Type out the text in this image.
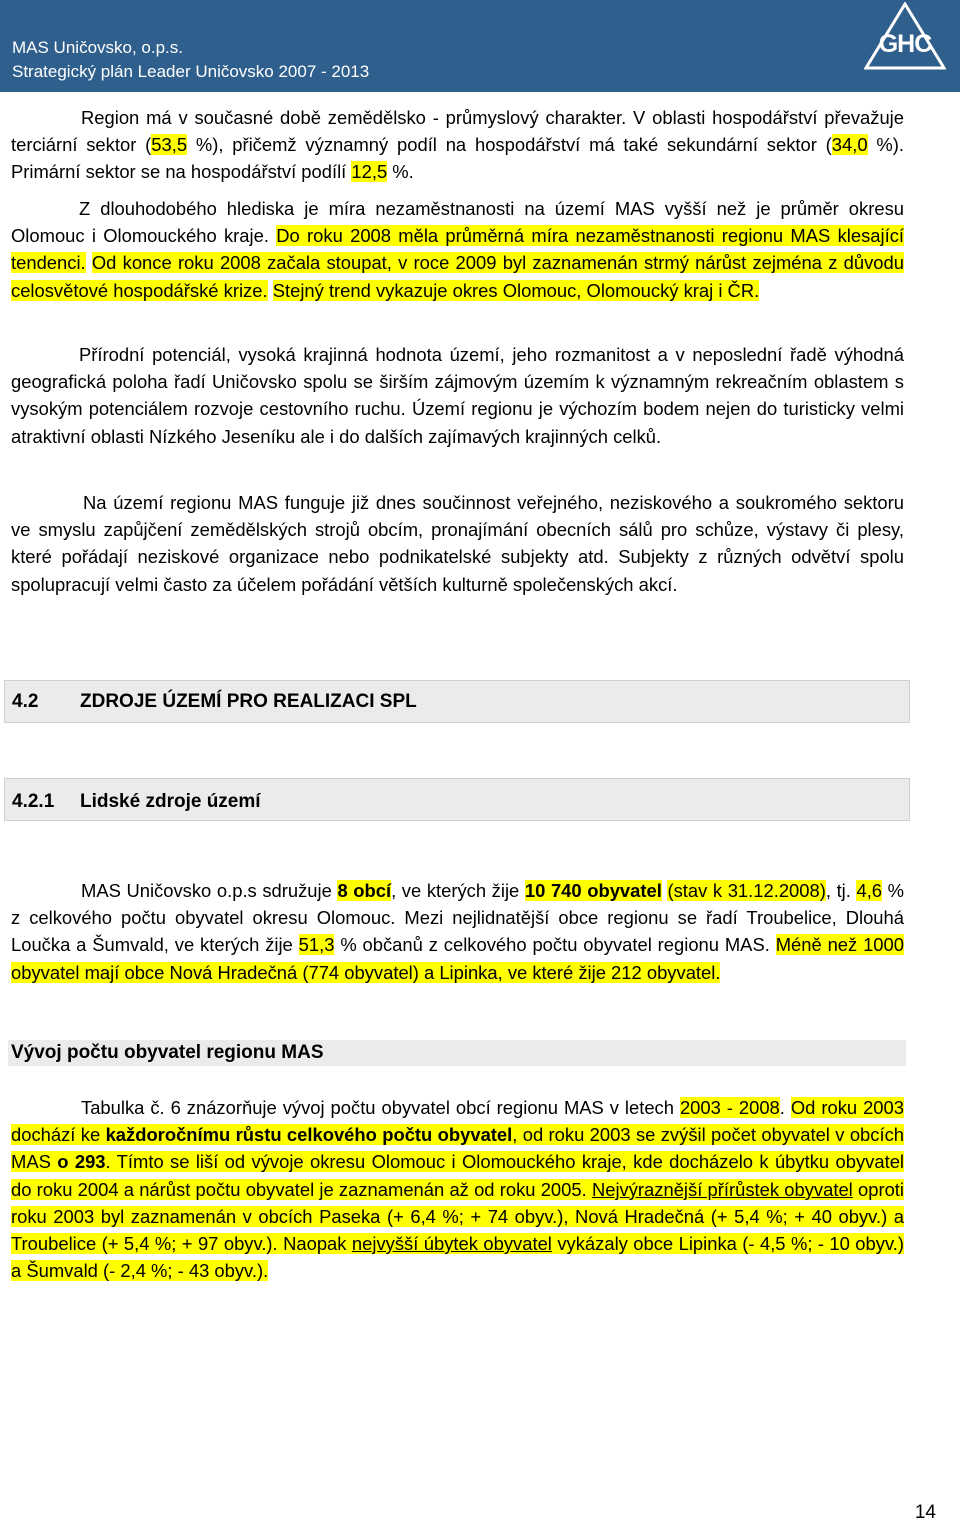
MAS Uničovsko, o.p.s.
Strategický plán Leader Uničovsko 2007 - 2013
GHC

Region má v současné době zemědělsko - průmyslový charakter. V oblasti hospodářství převažuje terciární sektor (53,5 %), přičemž významný podíl na hospodářství má také sekundární sektor (34,0 %). Primární sektor se na hospodářství podílí 12,5 %.

Z dlouhodobého hlediska je míra nezaměstnanosti na území MAS vyšší než je průměr okresu Olomouc i Olomouckého kraje. Do roku 2008 měla průměrná míra nezaměstnanosti regionu MAS klesající tendenci. Od konce roku 2008 začala stoupat, v roce 2009 byl zaznamenán strmý nárůst zejména z důvodu celosvětové hospodářské krize. Stejný trend vykazuje okres Olomouc, Olomoucký kraj i ČR.

Přírodní potenciál, vysoká krajinná hodnota území, jeho rozmanitost a v neposlední řadě výhodná geografická poloha řadí Uničovsko spolu se širším zájmovým územím k významným rekreačním oblastem s vysokým potenciálem rozvoje cestovního ruchu. Území regionu je výchozím bodem nejen do turisticky velmi atraktivní oblasti Nízkého Jeseníku ale i do dalších zajímavých krajinných celků.

Na území regionu MAS funguje již dnes součinnost veřejného, neziskového a soukromého sektoru ve smyslu zapůjčení zemědělských strojů obcím, pronajímání obecních sálů pro schůze, výstavy či plesy, které pořádají neziskové organizace nebo podnikatelské subjekty atd. Subjekty z různých odvětví spolu spolupracují velmi často za účelem pořádání větších kulturně společenských akcí.

4.2 ZDROJE ÚZEMÍ PRO REALIZACI SPL
4.2.1 Lidské zdroje území

MAS Uničovsko o.p.s sdružuje 8 obcí, ve kterých žije 10 740 obyvatel (stav k 31.12.2008), tj. 4,6 % z celkového počtu obyvatel okresu Olomouc. Mezi nejlidnatější obce regionu se řadí Troubelice, Dlouhá Loučka a Šumvald, ve kterých žije 51,3 % občanů z celkového počtu obyvatel regionu MAS. Méně než 1000 obyvatel mají obce Nová Hradečná (774 obyvatel) a Lipinka, ve které žije 212 obyvatel.

Vývoj počtu obyvatel regionu MAS

Tabulka č. 6 znázorňuje vývoj počtu obyvatel obcí regionu MAS v letech 2003 - 2008. Od roku 2003 dochází ke každoročnímu růstu celkového počtu obyvatel, od roku 2003 se zvýšil počet obyvatel v obcích MAS o 293. Tímto se liší od vývoje okresu Olomouc i Olomouckého kraje, kde docházelo k úbytku obyvatel do roku 2004 a nárůst počtu obyvatel je zaznamenán až od roku 2005. Nejvýraznější přírůstek obyvatel oproti roku 2003 byl zaznamenán v obcích Paseka (+ 6,4 %; + 74 obyv.), Nová Hradečná (+ 5,4 %; + 40 obyv.) a Troubelice (+ 5,4 %; + 97 obyv.). Naopak nejvyšší úbytek obyvatel vykázaly obce Lipinka (- 4,5 %; - 10 obyv.) a Šumvald (- 2,4 %; - 43 obyv.).

14
